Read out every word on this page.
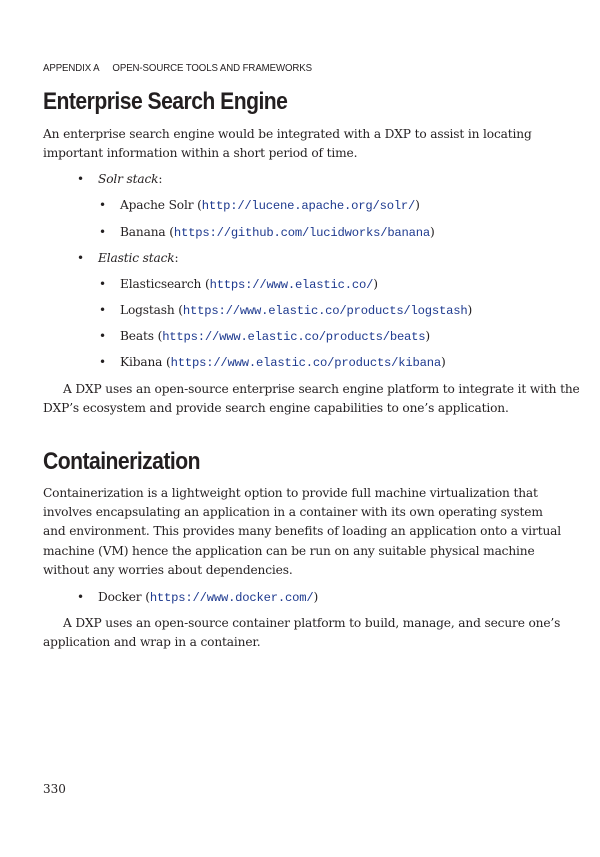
APPENDIX A OPEN-SOURCE TOOLS AND FRAMEWORKS
Enterprise Search Engine

An enterprise search engine would be integrated with a DXP to assist in locating
important information within a short period of time.

• Solr stack:
• Apache Solr (http://lucene.apache.org/solr/)
• Banana (https://github.com/lucidworks/banana)
• Elastic stack:
• Elasticsearch (https://www.elastic.co/)
• Logstash (https://www.elastic.co/products/logstash)
• Beats (https://www.elastic.co/products/beats)
• Kibana (https://www.elastic.co/products/kibana)

A DXP uses an open-source enterprise search engine platform to integrate it with the
DXP’s ecosystem and provide search engine capabilities to one’s application.

Containerization

Containerization is a lightweight option to provide full machine virtualization that
involves encapsulating an application in a container with its own operating system
and environment. This provides many benefits of loading an application onto a virtual
machine (VM) hence the application can be run on any suitable physical machine
without any worries about dependencies.

• Docker (https://www.docker.com/)

A DXP uses an open-source container platform to build, manage, and secure one’s
application and wrap in a container.

330
